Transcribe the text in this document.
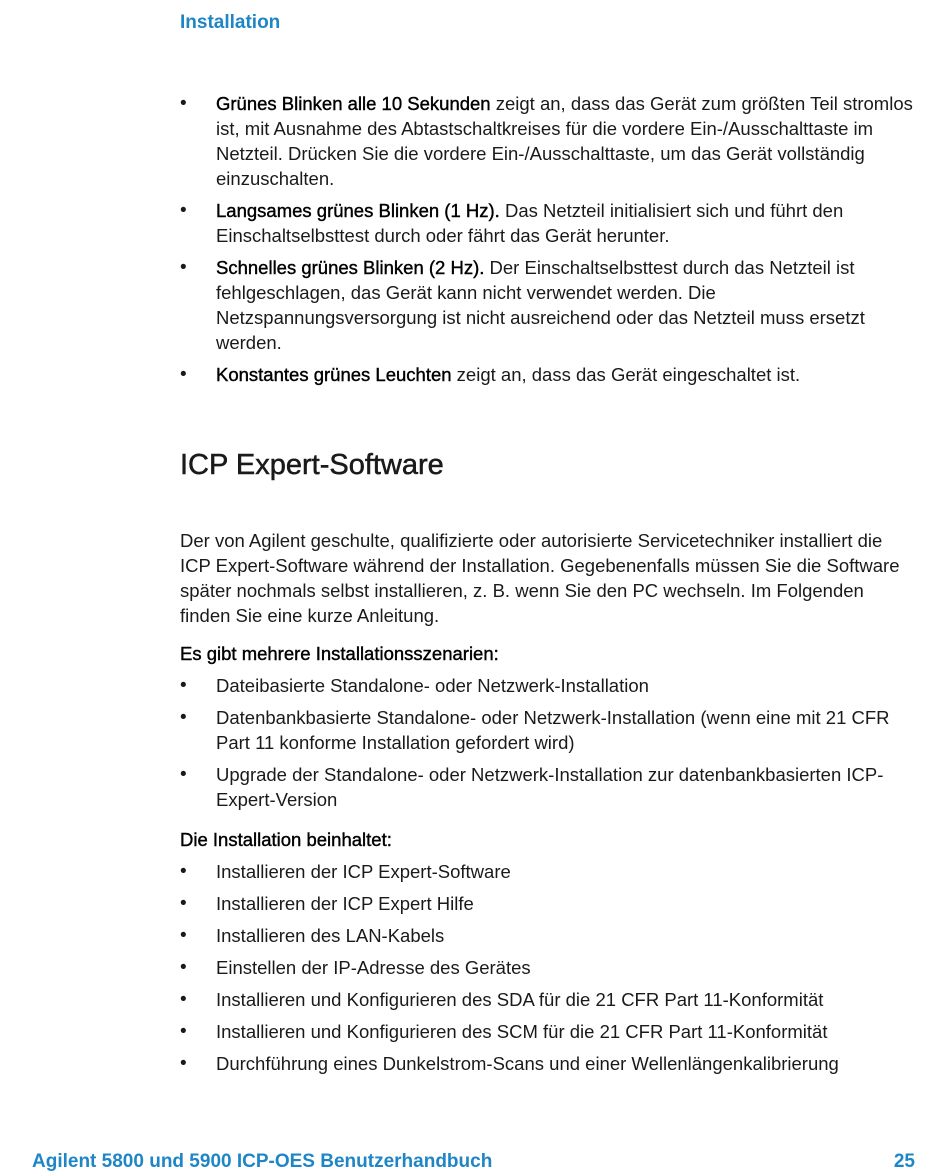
Installation
• Grünes Blinken alle 10 Sekunden zeigt an, dass das Gerät zum größten Teil stromlos ist, mit Ausnahme des Abtastschaltkreises für die vordere Ein-/Ausschalttaste im Netzteil. Drücken Sie die vordere Ein-/Ausschalttaste, um das Gerät vollständig einzuschalten.
• Langsames grünes Blinken (1 Hz). Das Netzteil initialisiert sich und führt den Einschaltselbsttest durch oder fährt das Gerät herunter.
• Schnelles grünes Blinken (2 Hz). Der Einschaltselbsttest durch das Netzteil ist fehlgeschlagen, das Gerät kann nicht verwendet werden. Die Netzspannungsversorgung ist nicht ausreichend oder das Netzteil muss ersetzt werden.
• Konstantes grünes Leuchten zeigt an, dass das Gerät eingeschaltet ist.
ICP Expert-Software

Der von Agilent geschulte, qualifizierte oder autorisierte Servicetechniker installiert die ICP Expert-Software während der Installation. Gegebenenfalls müssen Sie die Software später nochmals selbst installieren, z. B. wenn Sie den PC wechseln. Im Folgenden finden Sie eine kurze Anleitung.

Es gibt mehrere Installationsszenarien:

• Dateibasierte Standalone- oder Netzwerk-Installation
• Datenbankbasierte Standalone- oder Netzwerk-Installation (wenn eine mit 21 CFR Part 11 konforme Installation gefordert wird)
• Upgrade der Standalone- oder Netzwerk-Installation zur datenbankbasierten ICP-Expert-Version

Die Installation beinhaltet:

• Installieren der ICP Expert-Software
• Installieren der ICP Expert Hilfe
• Installieren des LAN-Kabels
• Einstellen der IP-Adresse des Gerätes
• Installieren und Konfigurieren des SDA für die 21 CFR Part 11-Konformität
• Installieren und Konfigurieren des SCM für die 21 CFR Part 11-Konformität
• Durchführung eines Dunkelstrom-Scans und einer Wellenlängenkalibrierung
Agilent 5800 und 5900 ICP-OES Benutzerhandbuch	25
